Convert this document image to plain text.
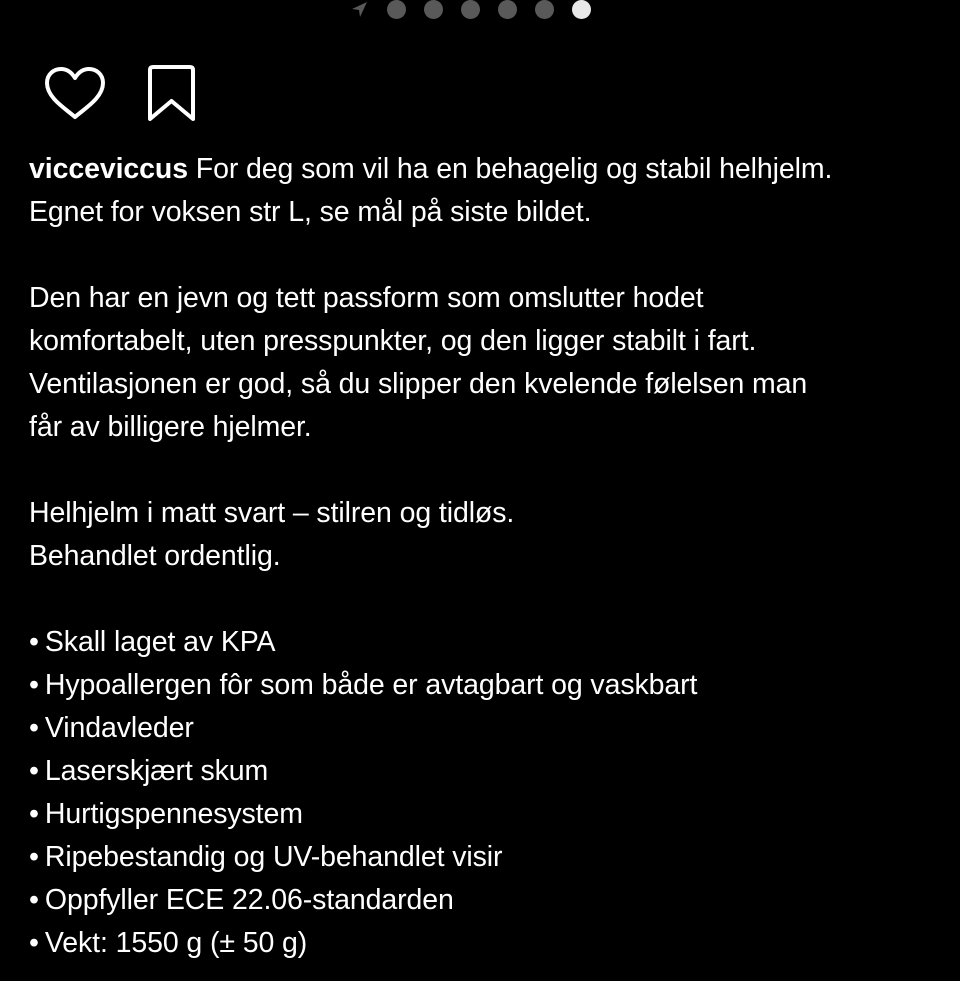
vicceviccus For deg som vil ha en behagelig og stabil helhjelm.

Egnet for voksen str L, se mål på siste bildet.

Den har en jevn og tett passform som omslutter hodet

komfortabelt, uten presspunkter, og den ligger stabilt i fart.

Ventilasjonen er god, så du slipper den kvelende følelsen man

får av billigere hjelmer.

Helhjelm i matt svart – stilren og tidløs.

Behandlet ordentlig.

• Skall laget av KPA
• Hypoallergen fôr som både er avtagbart og vaskbart
• Vindavleder
• Laserskjært skum
• Hurtigspennesystem
• Ripebestandig og UV-behandlet visir
• Oppfyller ECE 22.06-standarden
• Vekt: 1550 g (± 50 g)
